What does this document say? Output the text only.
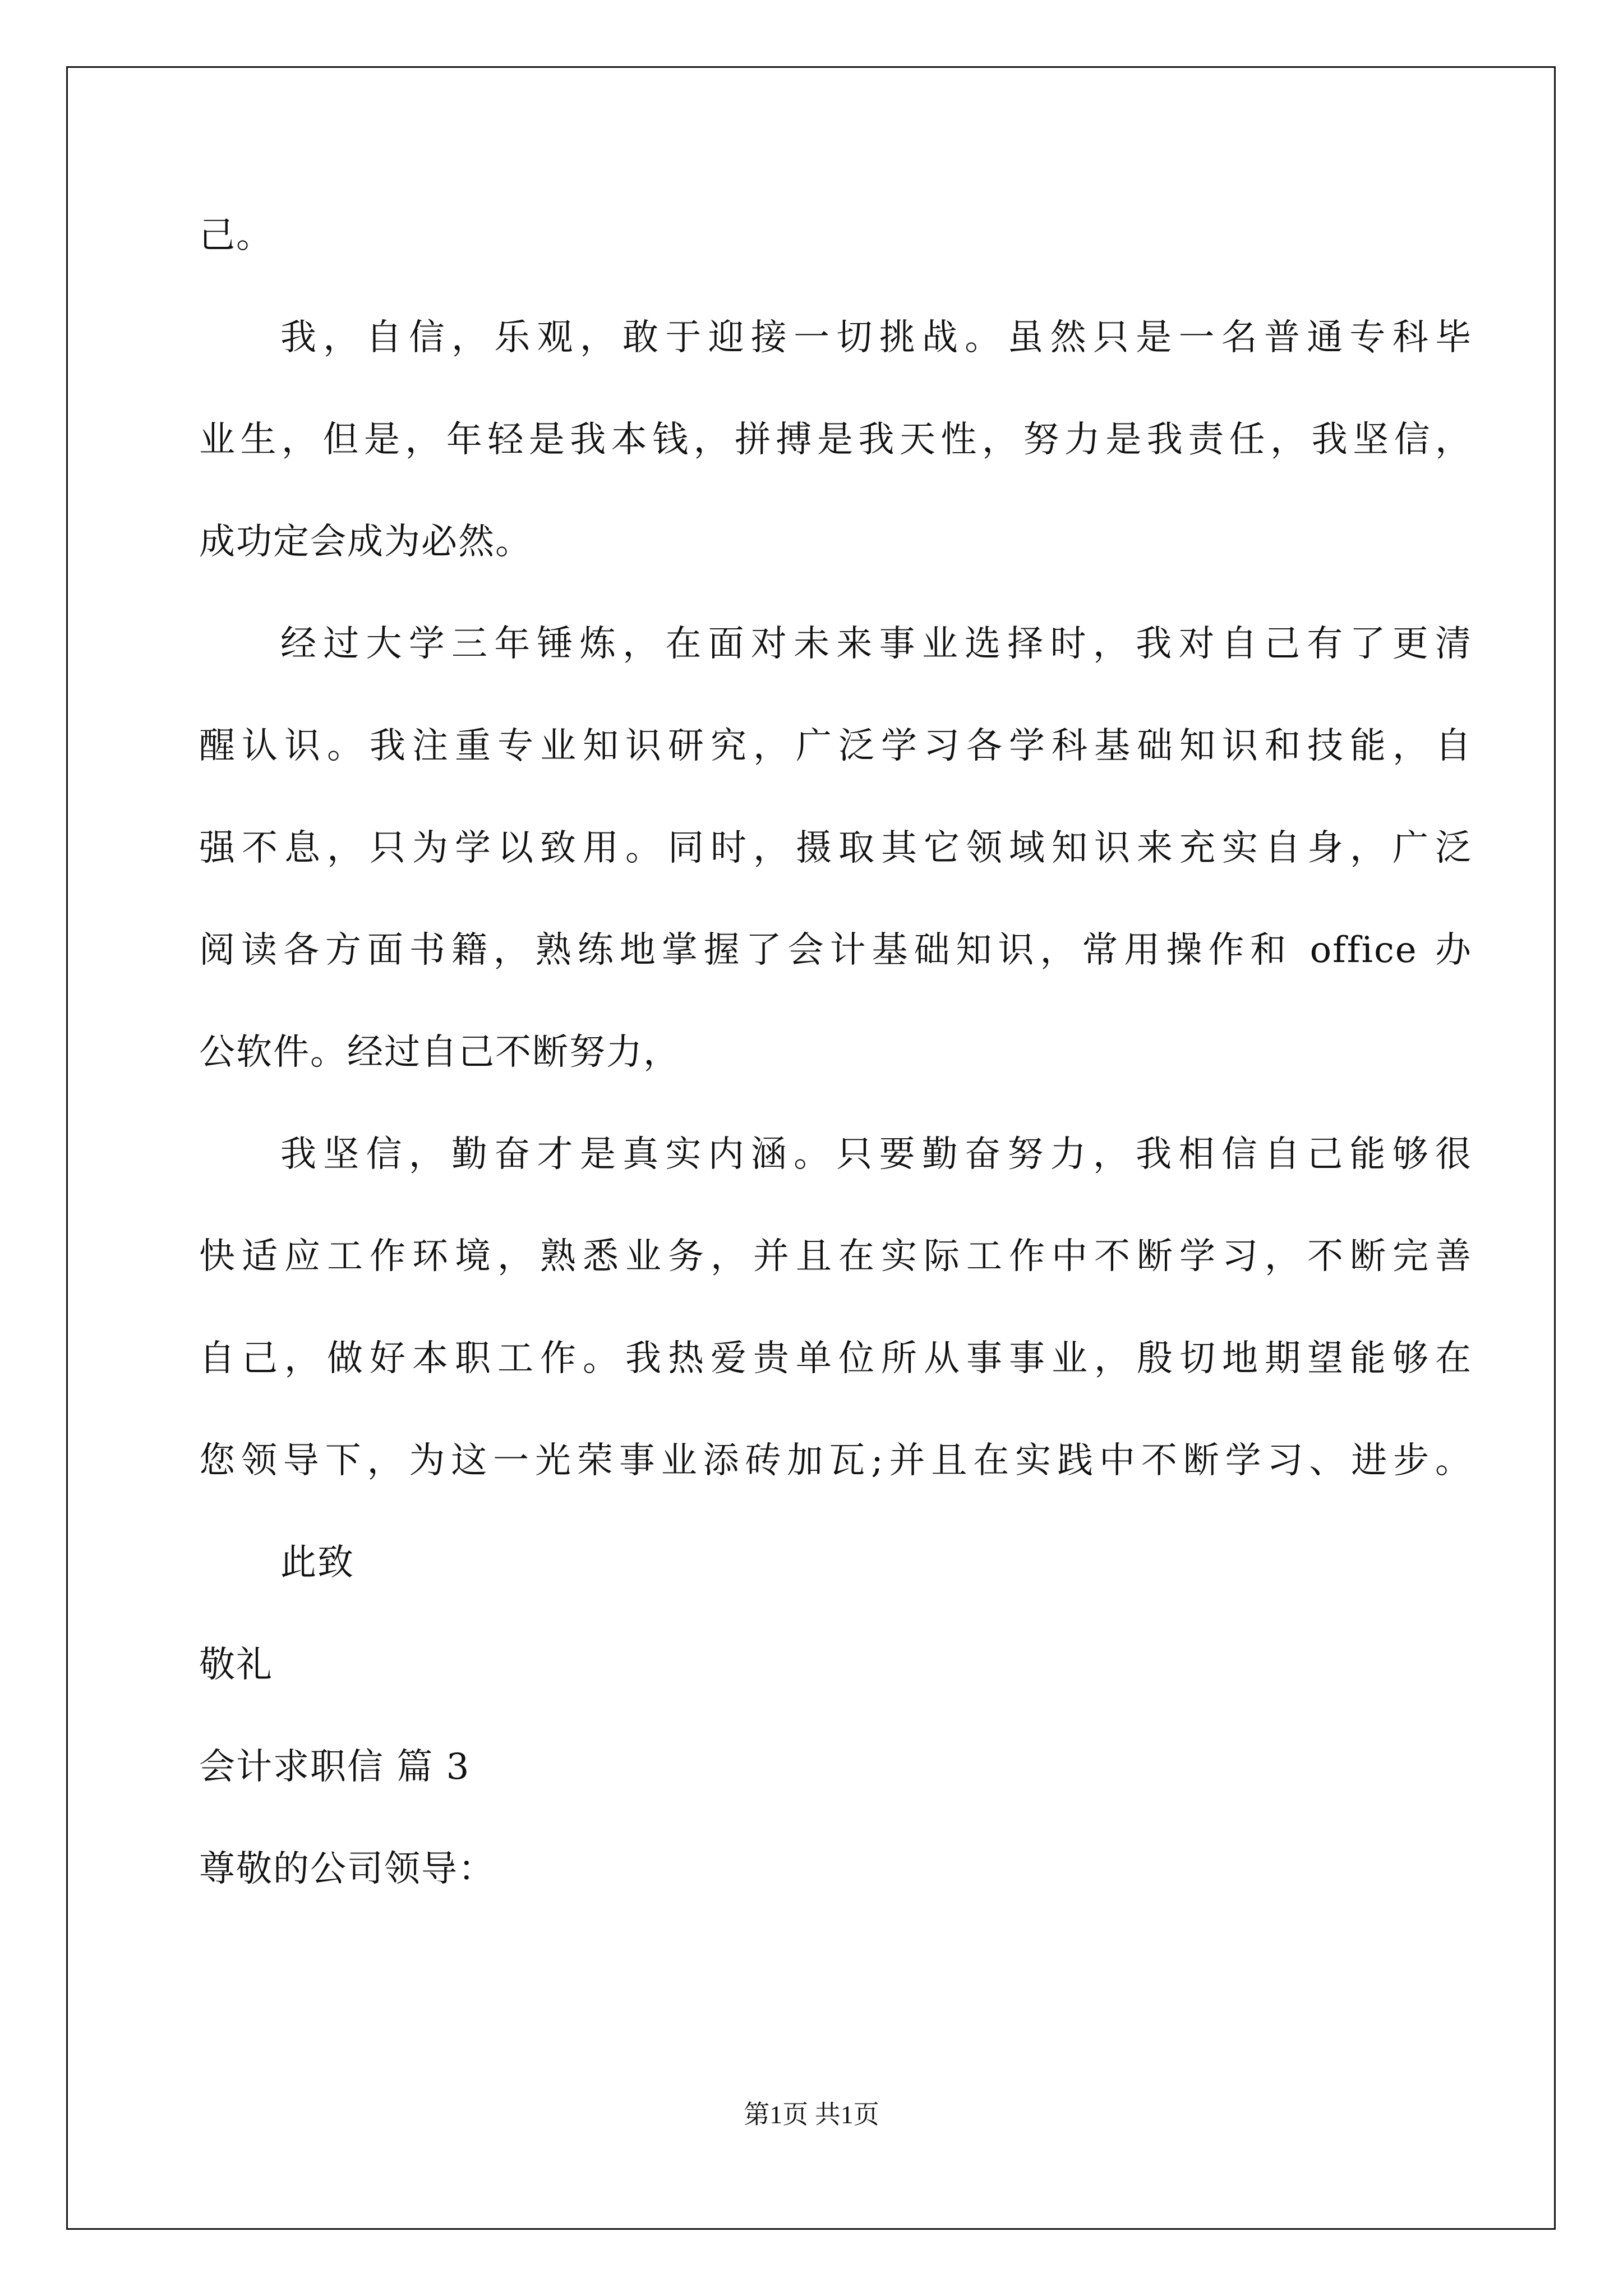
己。
我，自信，乐观，敢于迎接一切挑战。虽然只是一名普通专科毕
业生，但是，年轻是我本钱，拼搏是我天性，努力是我责任，我坚信，
成功定会成为必然。
经过大学三年锤炼，在面对未来事业选择时，我对自己有了更清
醒认识。我注重专业知识研究，广泛学习各学科基础知识和技能，自
强不息，只为学以致用。同时，摄取其它领域知识来充实自身，广泛
阅读各方面书籍，熟练地掌握了会计基础知识，常用操作和 office 办
公软件。经过自己不断努力，
我坚信，勤奋才是真实内涵。只要勤奋努力，我相信自己能够很
快适应工作环境，熟悉业务，并且在实际工作中不断学习，不断完善
自己，做好本职工作。我热爱贵单位所从事事业，殷切地期望能够在
您领导下，为这一光荣事业添砖加瓦;并且在实践中不断学习、进步。
此致
敬礼
会计求职信 篇 3
尊敬的公司领导：
第1页 共1页
